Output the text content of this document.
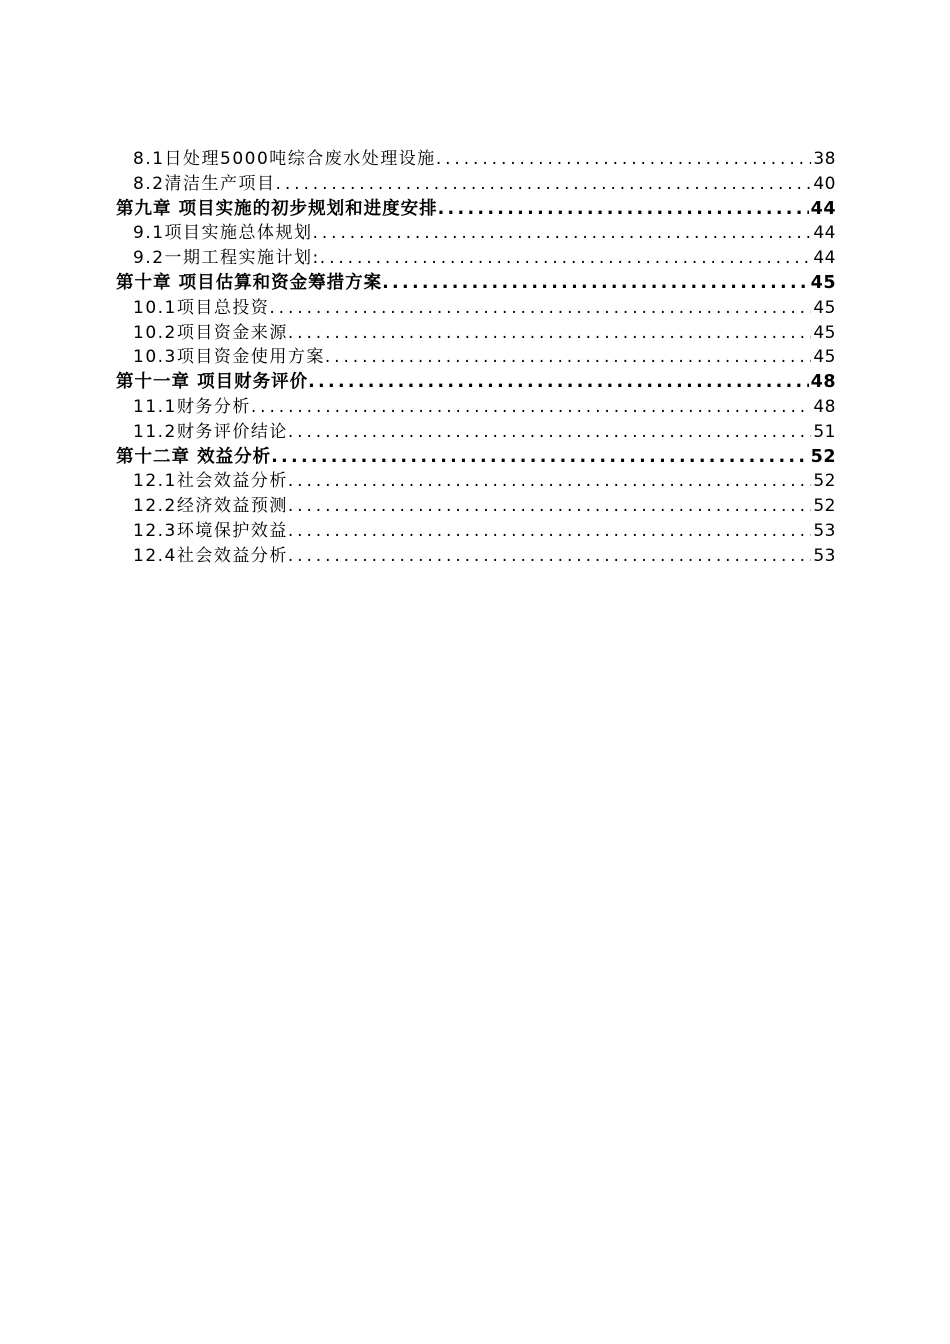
8.1日处理5000吨综合废水处理设施 .....	38
8.2清洁生产项目 .....	40
第九章 项目实施的初步规划和进度安排 .....	44
9.1项目实施总体规划 .....	44
9.2一期工程实施计划: .....	44
第十章 项目估算和资金筹措方案 .....	45
10.1项目总投资 .....	45
10.2项目资金来源 .....	45
10.3项目资金使用方案 .....	45
第十一章 项目财务评价 .....	48
11.1财务分析 .....	48
11.2财务评价结论 .....	51
第十二章 效益分析 .....	52
12.1社会效益分析 .....	52
12.2经济效益预测 .....	52
12.3环境保护效益 .....	53
12.4社会效益分析 .....	53
